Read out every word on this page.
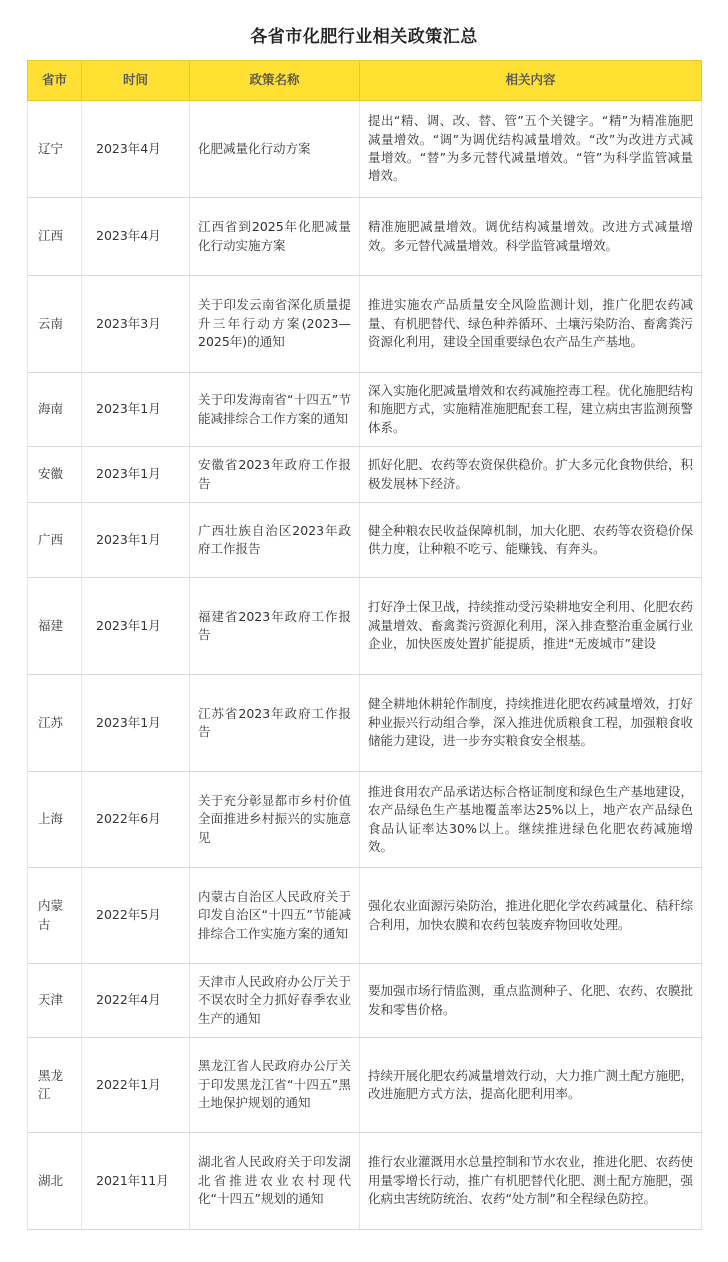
各省市化肥行业相关政策汇总
省市	时间	政策名称	相关内容
辽宁	2023年4月	化肥减量化行动方案	提出“精、调、改、替、管”五个关键字。“精”为精准施肥减量增效。“调”为调优结构减量增效。“改”为改进方式减量增效。“替”为多元替代减量增效。“管”为科学监管减量增效。
江西	2023年4月	江西省到2025年化肥减量化行动实施方案	精准施肥减量增效。调优结构减量增效。改进方式减量增效。多元替代减量增效。科学监管减量增效。
云南	2023年3月	关于印发云南省深化质量提升三年行动方案(2023—2025年)的通知	推进实施农产品质量安全风险监测计划，推广化肥农药减量、有机肥替代、绿色种养循环、土壤污染防治、畜禽粪污资源化利用，建设全国重要绿色农产品生产基地。
海南	2023年1月	关于印发海南省“十四五”节能减排综合工作方案的通知	深入实施化肥减量增效和农药减施控毒工程。优化施肥结构和施肥方式，实施精准施肥配套工程，建立病虫害监测预警体系。
安徽	2023年1月	安徽省2023年政府工作报告	抓好化肥、农药等农资保供稳价。扩大多元化食物供给，积极发展林下经济。
广西	2023年1月	广西壮族自治区2023年政府工作报告	健全种粮农民收益保障机制，加大化肥、农药等农资稳价保供力度，让种粮不吃亏、能赚钱、有奔头。
福建	2023年1月	福建省2023年政府工作报告	打好净土保卫战，持续推动受污染耕地安全利用、化肥农药减量增效、畜禽粪污资源化利用，深入排查整治重金属行业企业，加快医废处置扩能提质，推进“无废城市”建设
江苏	2023年1月	江苏省2023年政府工作报告	健全耕地休耕轮作制度，持续推进化肥农药减量增效，打好种业振兴行动组合拳，深入推进优质粮食工程，加强粮食收储能力建设，进一步夯实粮食安全根基。
上海	2022年6月	关于充分彰显都市乡村价值全面推进乡村振兴的实施意见	推进食用农产品承诺达标合格证制度和绿色生产基地建设，农产品绿色生产基地覆盖率达25%以上，地产农产品绿色食品认证率达30%以上。继续推进绿色化肥农药减施增效。
内蒙古	2022年5月	内蒙古自治区人民政府关于印发自治区“十四五”节能减排综合工作实施方案的通知	强化农业面源污染防治，推进化肥化学农药减量化、秸秆综合利用，加快农膜和农药包装废弃物回收处理。
天津	2022年4月	天津市人民政府办公厅关于不误农时全力抓好春季农业生产的通知	要加强市场行情监测，重点监测种子、化肥、农药、农膜批发和零售价格。
黑龙江	2022年1月	黑龙江省人民政府办公厅关于印发黑龙江省“十四五”黑土地保护规划的通知	持续开展化肥农药减量增效行动，大力推广测土配方施肥，改进施肥方式方法，提高化肥利用率。
湖北	2021年11月	湖北省人民政府关于印发湖北省推进农业农村现代化“十四五”规划的通知	推行农业灌溉用水总量控制和节水农业，推进化肥、农药使用量零增长行动，推广有机肥替代化肥、测土配方施肥，强化病虫害统防统治、农药“处方制”和全程绿色防控。
